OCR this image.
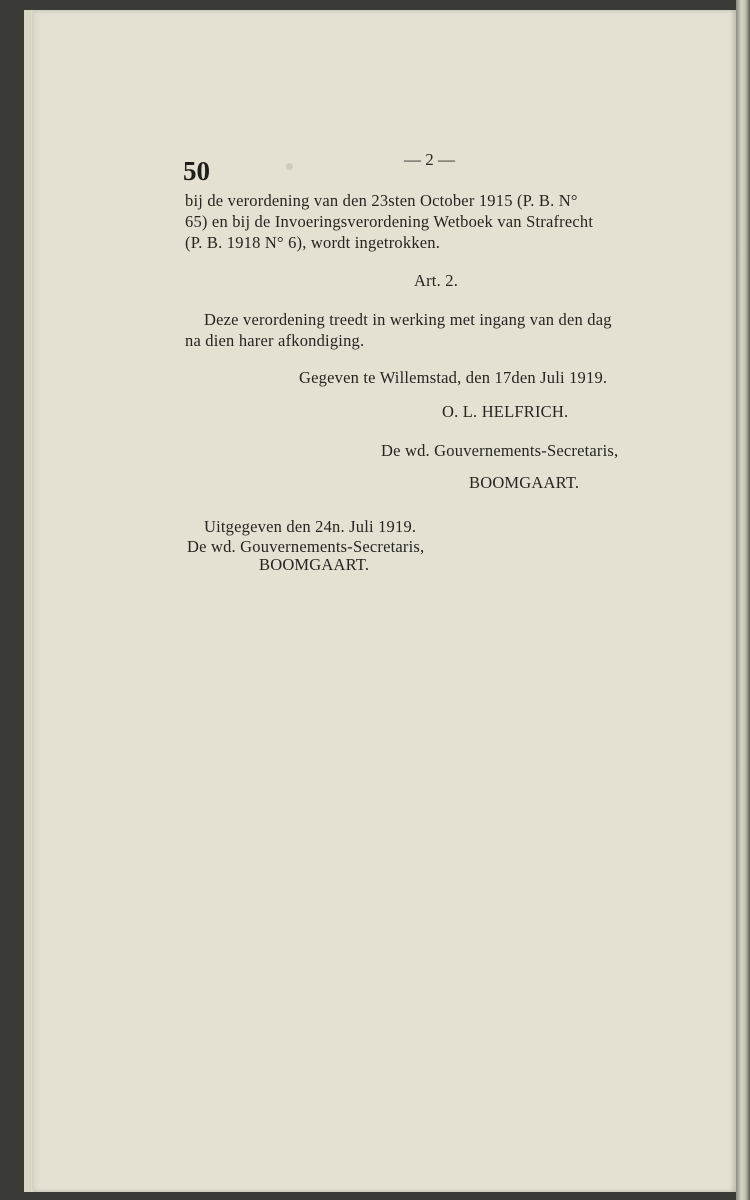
50	— 2 —
bij de verordening van den 23sten October 1915 (P. B. N°
65) en bij de Invoeringsverordening Wetboek van Strafrecht
(P. B. 1918 N° 6), wordt ingetrokken.
Art. 2.
Deze verordening treedt in werking met ingang van den dag
na dien harer afkondiging.
Gegeven te Willemstad, den 17den Juli 1919.
O. L. HELFRICH.
De wd. Gouvernements-Secretaris,
BOOMGAART.
Uitgegeven den 24n. Juli 1919.
De wd. Gouvernements-Secretaris,
BOOMGAART.
